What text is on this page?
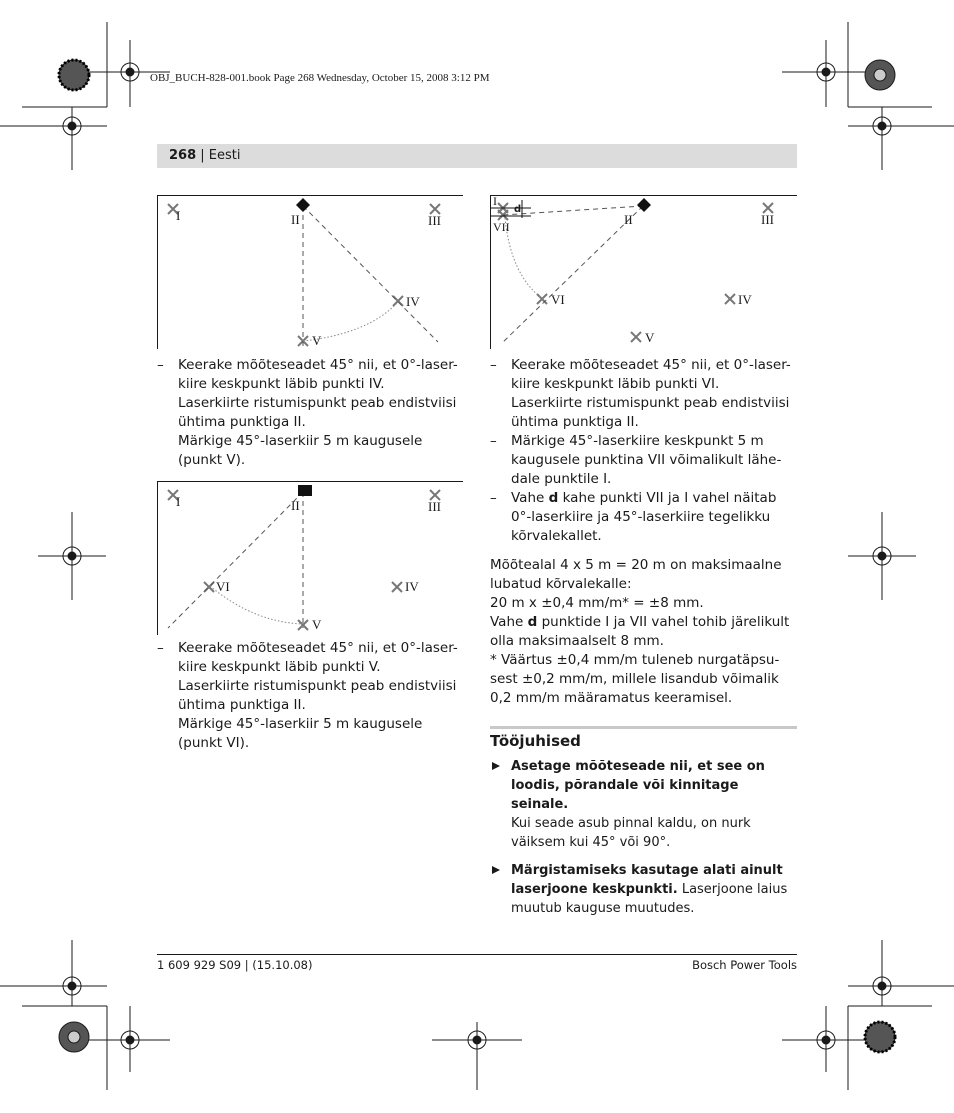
OBJ_BUCH-828-001.book Page 268 Wednesday, October 15, 2008 3:12 PM
268 | Eesti
I	II	III
IV
V
– Keerake mõõteseadet 45° nii, et 0°-laser-
kiire keskpunkt läbib punkti IV.
Laserkiirte ristumispunkt peab endistviisi
ühtima punktiga II.
Märkige 45°-laserkiir 5 m kaugusele
(punkt V).
I	II	III
VI	IV
V
– Keerake mõõteseadet 45° nii, et 0°-laser-
kiire keskpunkt läbib punkti V.
Laserkiirte ristumispunkt peab endistviisi
ühtima punktiga II.
Märkige 45°-laserkiir 5 m kaugusele
(punkt VI).
I
d
VII	II	III
VI	IV
V
– Keerake mõõteseadet 45° nii, et 0°-laser-
kiire keskpunkt läbib punkti VI.
Laserkiirte ristumispunkt peab endistviisi
ühtima punktiga II.
– Märkige 45°-laserkiire keskpunkt 5 m
kaugusele punktina VII võimalikult lähe-
dale punktile I.
– Vahe d kahe punkti VII ja I vahel näitab
0°-laserkiire ja 45°-laserkiire tegelikku
kõrvalekallet.
Mõõtealal 4 x 5 m = 20 m on maksimaalne
lubatud kõrvalekalle:
20 m x ±0,4 mm/m* = ±8 mm.
Vahe d punktide I ja VII vahel tohib järelikult
olla maksimaalselt 8 mm.
* Väärtus ±0,4 mm/m tuleneb nurgatäpsu-
sest ±0,2 mm/m, millele lisandub võimalik
0,2 mm/m määramatus keeramisel.
Tööjuhised
Asetage mõõteseade nii, et see on
loodis, põrandale või kinnitage seinale.
Kui seade asub pinnal kaldu, on nurk
väiksem kui 45° või 90°.
Märgistamiseks kasutage alati ainult
laserjoone keskpunkti. Laserjoone laius
muutub kauguse muutudes.
1 609 929 S09 | (15.10.08)	Bosch Power Tools
